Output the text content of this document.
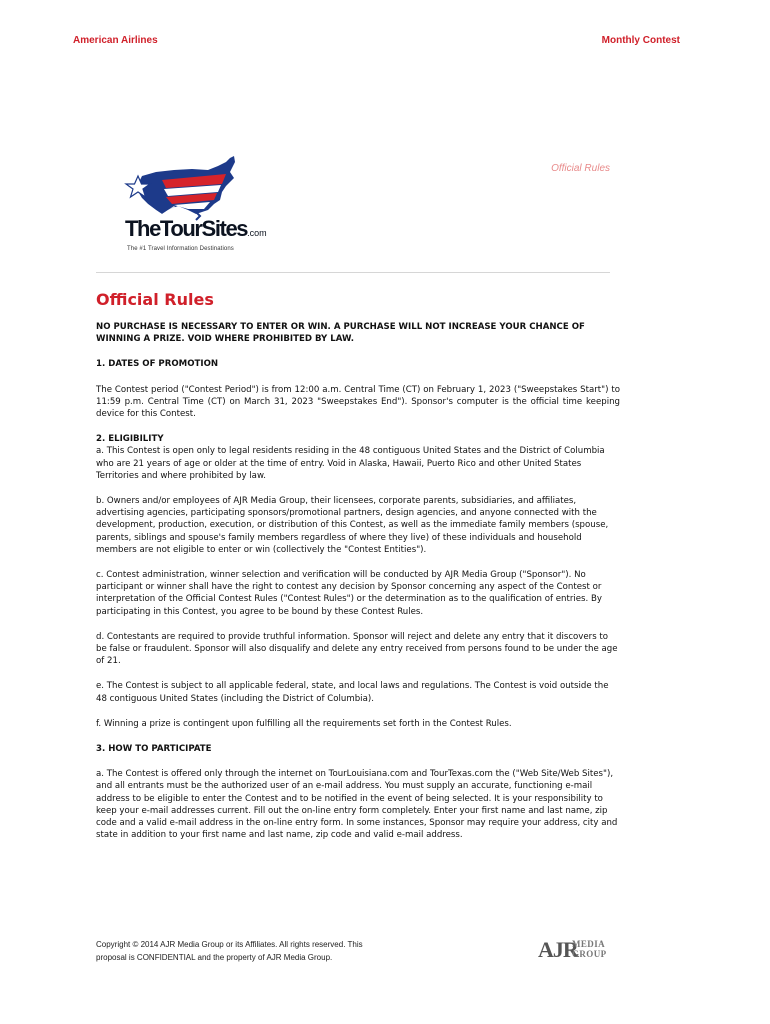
American Airlines	Monthly Contest
TheTourSites.com
The #1 Travel Information Destinations
Official Rules
Official Rules

NO PURCHASE IS NECESSARY TO ENTER OR WIN. A PURCHASE WILL NOT INCREASE YOUR CHANCE OF WINNING A PRIZE. VOID WHERE PROHIBITED BY LAW.

1. DATES OF PROMOTION

The Contest period ("Contest Period") is from 12:00 a.m. Central Time (CT) on February 1, 2023 ("Sweepstakes Start") to 11:59 p.m. Central Time (CT) on March 31, 2023 "Sweepstakes End"). Sponsor's computer is the official time keeping device for this Contest.

2. ELIGIBILITY

a. This Contest is open only to legal residents residing in the 48 contiguous United States and the District of Columbia who are 21 years of age or older at the time of entry. Void in Alaska, Hawaii, Puerto Rico and other United States Territories and where prohibited by law.

b. Owners and/or employees of AJR Media Group, their licensees, corporate parents, subsidiaries, and affiliates, advertising agencies, participating sponsors/promotional partners, design agencies, and anyone connected with the development, production, execution, or distribution of this Contest, as well as the immediate family members (spouse, parents, siblings and spouse's family members regardless of where they live) of these individuals and household members are not eligible to enter or win (collectively the "Contest Entities").

c. Contest administration, winner selection and verification will be conducted by AJR Media Group ("Sponsor"). No participant or winner shall have the right to contest any decision by Sponsor concerning any aspect of the Contest or interpretation of the Official Contest Rules ("Contest Rules") or the determination as to the qualification of entries. By participating in this Contest, you agree to be bound by these Contest Rules.

d. Contestants are required to provide truthful information. Sponsor will reject and delete any entry that it discovers to be false or fraudulent. Sponsor will also disqualify and delete any entry received from persons found to be under the age of 21.

e. The Contest is subject to all applicable federal, state, and local laws and regulations. The Contest is void outside the 48 contiguous United States (including the District of Columbia).

f. Winning a prize is contingent upon fulfilling all the requirements set forth in the Contest Rules.

3. HOW TO PARTICIPATE

a. The Contest is offered only through the internet on TourLouisiana.com and TourTexas.com the ("Web Site/Web Sites"), and all entrants must be the authorized user of an e-mail address. You must supply an accurate, functioning e-mail address to be eligible to enter the Contest and to be notified in the event of being selected. It is your responsibility to keep your e-mail addresses current. Fill out the on-line entry form completely. Enter your first name and last name, zip code and a valid e-mail address in the on-line entry form. In some instances, Sponsor may require your address, city and state in addition to your first name and last name, zip code and valid e-mail address.

Copyright © 2014 AJR Media Group or its Affiliates. All rights reserved. This proposal is CONFIDENTIAL and the property of AJR Media Group.	AJR
MEDIA
GROUP
